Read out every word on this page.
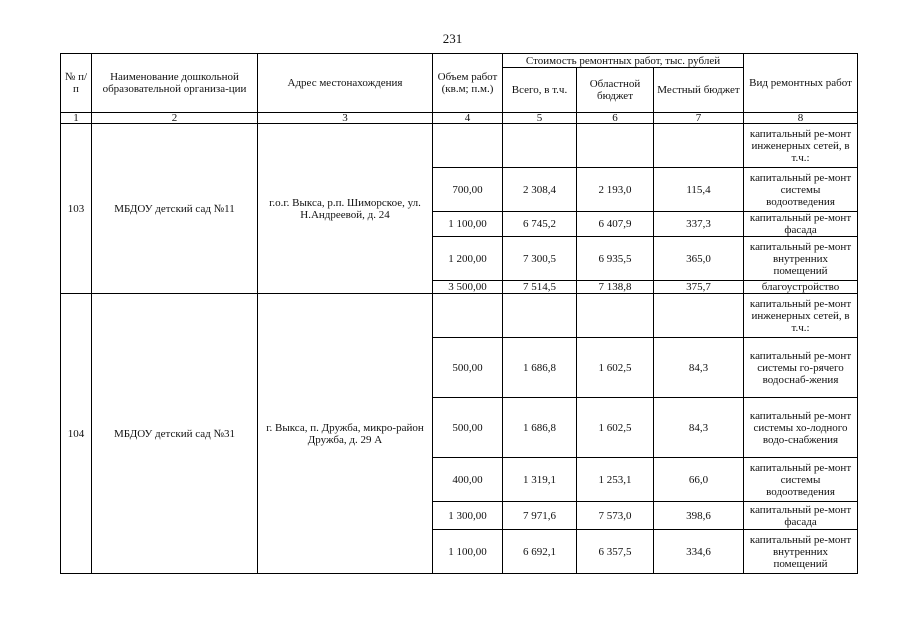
231
№ п/п	Наименование дошкольной образовательной организа-ции	Адрес местонахождения	Объем работ (кв.м; п.м.)	Стоимость ремонтных работ, тыс. рублей			Вид ремонтных работ
				Всего, в т.ч.	Областной бюджет	Местный бюджет	
1	2	3	4	5	6	7	8
103	МБДОУ детский сад №11	г.о.г. Выкса, р.п. Шиморское, ул. Н.Андреевой, д. 24					капитальный ре-монт инженерных сетей, в т.ч.:
			700,00	2 308,4	2 193,0	115,4	капитальный ре-монт системы водоотведения
			1 100,00	6 745,2	6 407,9	337,3	капитальный ре-монт фасада
			1 200,00	7 300,5	6 935,5	365,0	капитальный ре-монт внутренних помещений
			3 500,00	7 514,5	7 138,8	375,7	благоустройство
104	МБДОУ детский сад №31	г. Выкса, п. Дружба, микро-район Дружба, д. 29 А					капитальный ре-монт инженерных сетей, в т.ч.:
			500,00	1 686,8	1 602,5	84,3	капитальный ре-монт системы го-рячего водоснаб-жения
			500,00	1 686,8	1 602,5	84,3	капитальный ре-монт системы хо-лодного водо-снабжения
			400,00	1 319,1	1 253,1	66,0	капитальный ре-монт системы водоотведения
			1 300,00	7 971,6	7 573,0	398,6	капитальный ре-монт фасада
			1 100,00	6 692,1	6 357,5	334,6	капитальный ре-монт внутренних помещений
